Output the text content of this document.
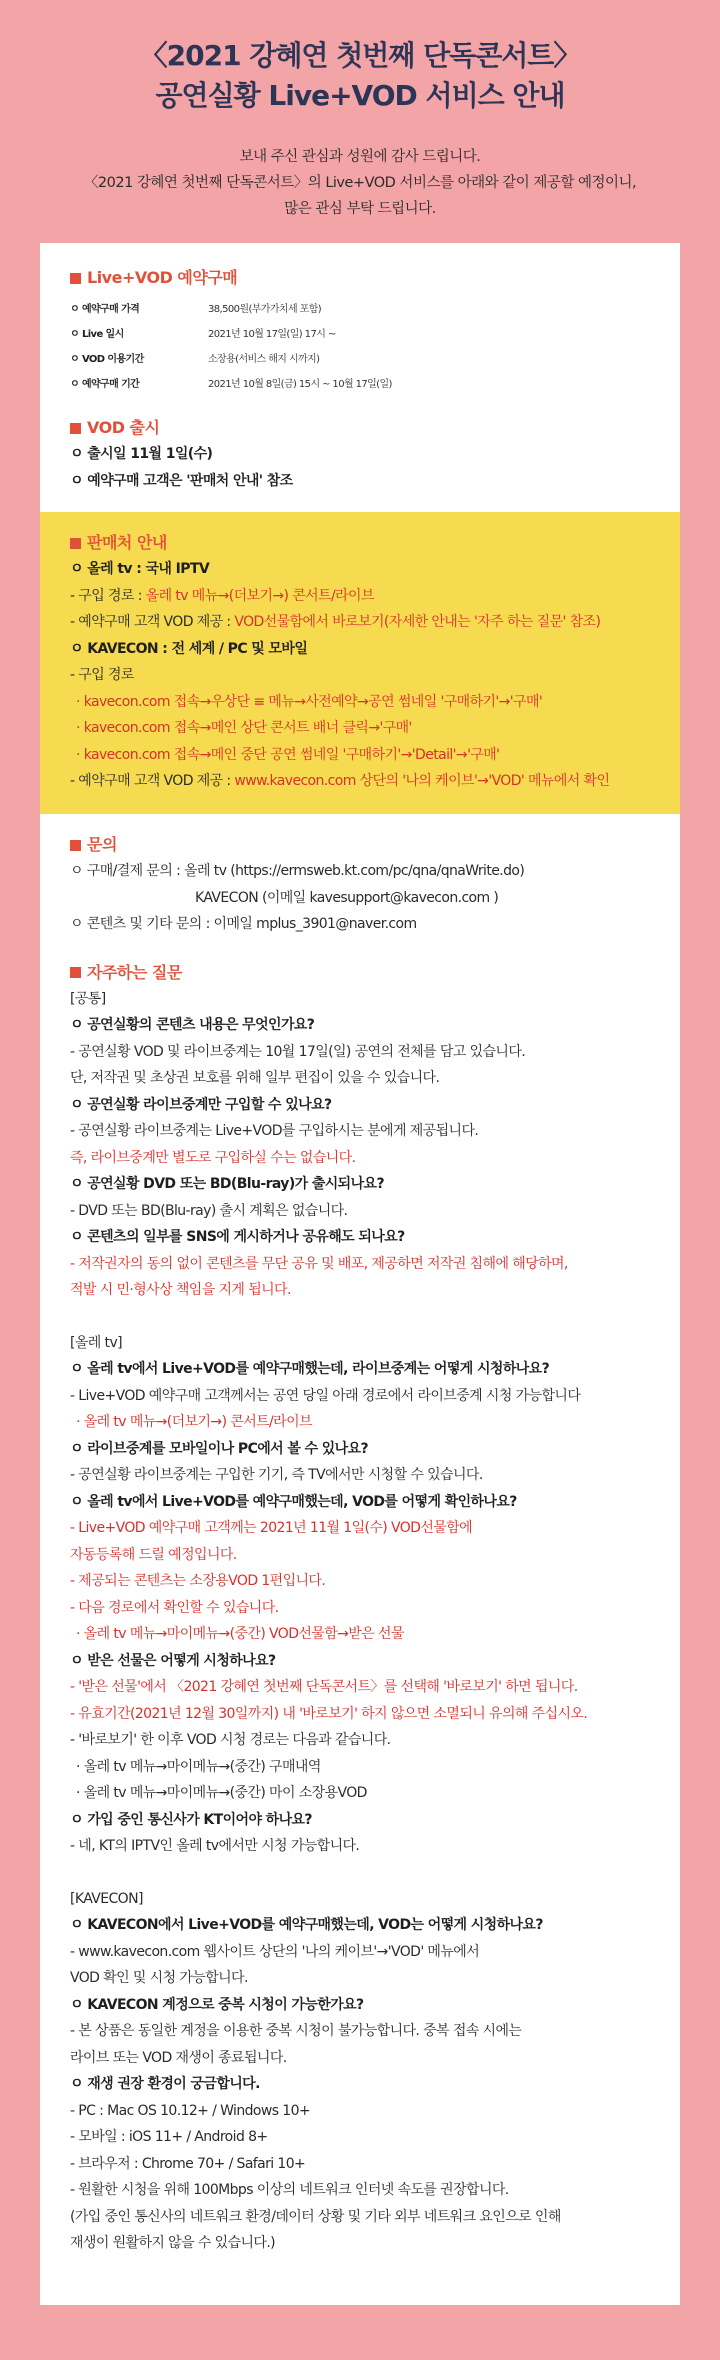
〈2021 강혜연 첫번째 단독콘서트〉
공연실황 Live+VOD 서비스 안내
보내 주신 관심과 성원에 감사 드립니다.
〈2021 강혜연 첫번째 단독콘서트〉의 Live+VOD 서비스를 아래와 같이 제공할 예정이니,
많은 관심 부탁 드립니다.
Live+VOD 예약구매
ㅇ 예약구매 가격	38,500원(부가가치세 포함)
ㅇ Live 일시	2021년 10월 17일(일) 17시 ~
ㅇ VOD 이용기간	소장용(서비스 해지 시까지)
ㅇ 예약구매 기간	2021년 10월 8일(금) 15시 ~ 10월 17일(일)
VOD 출시
ㅇ 출시일 11월 1일(수)
ㅇ 예약구매 고객은 '판매처 안내' 참조
판매처 안내
ㅇ 올레 tv : 국내 IPTV
- 구입 경로 : 올레 tv 메뉴→(더보기→) 콘서트/라이브
- 예약구매 고객 VOD 제공 : VOD선물함에서 바로보기(자세한 안내는 '자주 하는 질문' 참조)
ㅇ KAVECON : 전 세계 / PC 및 모바일
- 구입 경로
· kavecon.com 접속→우상단 ≡ 메뉴→사전예약→공연 썸네일 '구매하기'→'구매'
· kavecon.com 접속→메인 상단 콘서트 배너 클릭→'구매'
· kavecon.com 접속→메인 중단 공연 썸네일 '구매하기'→'Detail'→'구매'
- 예약구매 고객 VOD 제공 : www.kavecon.com 상단의 '나의 케이브'→'VOD' 메뉴에서 확인
문의
ㅇ 구매/결제 문의 : 올레 tv (https://ermsweb.kt.com/pc/qna/qnaWrite.do)
KAVECON (이메일 kavesupport@kavecon.com )
ㅇ 콘텐츠 및 기타 문의 : 이메일 mplus_3901@naver.com
자주하는 질문
[공통]
ㅇ 공연실황의 콘텐츠 내용은 무엇인가요?
- 공연실황 VOD 및 라이브중계는 10월 17일(일) 공연의 전체를 담고 있습니다.
단, 저작권 및 초상권 보호를 위해 일부 편집이 있을 수 있습니다.
ㅇ 공연실황 라이브중계만 구입할 수 있나요?
- 공연실황 라이브중계는 Live+VOD를 구입하시는 분에게 제공됩니다.
즉, 라이브중계만 별도로 구입하실 수는 없습니다.
ㅇ 공연실황 DVD 또는 BD(Blu-ray)가 출시되나요?
- DVD 또는 BD(Blu-ray) 출시 계획은 없습니다.
ㅇ 콘텐츠의 일부를 SNS에 게시하거나 공유해도 되나요?
- 저작권자의 동의 없이 콘텐츠를 무단 공유 및 배포, 제공하면 저작권 침해에 해당하며,
적발 시 민·형사상 책임을 지게 됩니다.
[올레 tv]
ㅇ 올레 tv에서 Live+VOD를 예약구매했는데, 라이브중계는 어떻게 시청하나요?
- Live+VOD 예약구매 고객께서는 공연 당일 아래 경로에서 라이브중계 시청 가능합니다
· 올레 tv 메뉴→(더보기→) 콘서트/라이브
ㅇ 라이브중계를 모바일이나 PC에서 볼 수 있나요?
- 공연실황 라이브중계는 구입한 기기, 즉 TV에서만 시청할 수 있습니다.
ㅇ 올레 tv에서 Live+VOD를 예약구매했는데, VOD를 어떻게 확인하나요?
- Live+VOD 예약구매 고객께는 2021년 11월 1일(수) VOD선물함에
자동등록해 드릴 예정입니다.
- 제공되는 콘텐츠는 소장용VOD 1편입니다.
- 다음 경로에서 확인할 수 있습니다.
· 올레 tv 메뉴→마이메뉴→(중간) VOD선물함→받은 선물
ㅇ 받은 선물은 어떻게 시청하나요?
- '받은 선물'에서 〈2021 강혜연 첫번째 단독콘서트〉를 선택해 '바로보기' 하면 됩니다.
- 유효기간(2021년 12월 30일까지) 내 '바로보기' 하지 않으면 소멸되니 유의해 주십시오.
- '바로보기' 한 이후 VOD 시청 경로는 다음과 같습니다.
· 올레 tv 메뉴→마이메뉴→(중간) 구매내역
· 올레 tv 메뉴→마이메뉴→(중간) 마이 소장용VOD
ㅇ 가입 중인 통신사가 KT이어야 하나요?
- 네, KT의 IPTV인 올레 tv에서만 시청 가능합니다.
[KAVECON]
ㅇ KAVECON에서 Live+VOD를 예약구매했는데, VOD는 어떻게 시청하나요?
- www.kavecon.com 웹사이트 상단의 '나의 케이브'→'VOD' 메뉴에서
VOD 확인 및 시청 가능합니다.
ㅇ KAVECON 계정으로 중복 시청이 가능한가요?
- 본 상품은 동일한 계정을 이용한 중복 시청이 불가능합니다. 중복 접속 시에는
라이브 또는 VOD 재생이 종료됩니다.
ㅇ 재생 권장 환경이 궁금합니다.
- PC : Mac OS 10.12+ / Windows 10+
- 모바일 : iOS 11+ / Android 8+
- 브라우저 : Chrome 70+ / Safari 10+
- 원활한 시청을 위해 100Mbps 이상의 네트워크 인터넷 속도를 권장합니다.
(가입 중인 통신사의 네트워크 환경/데이터 상황 및 기타 외부 네트워크 요인으로 인해
재생이 원활하지 않을 수 있습니다.)
